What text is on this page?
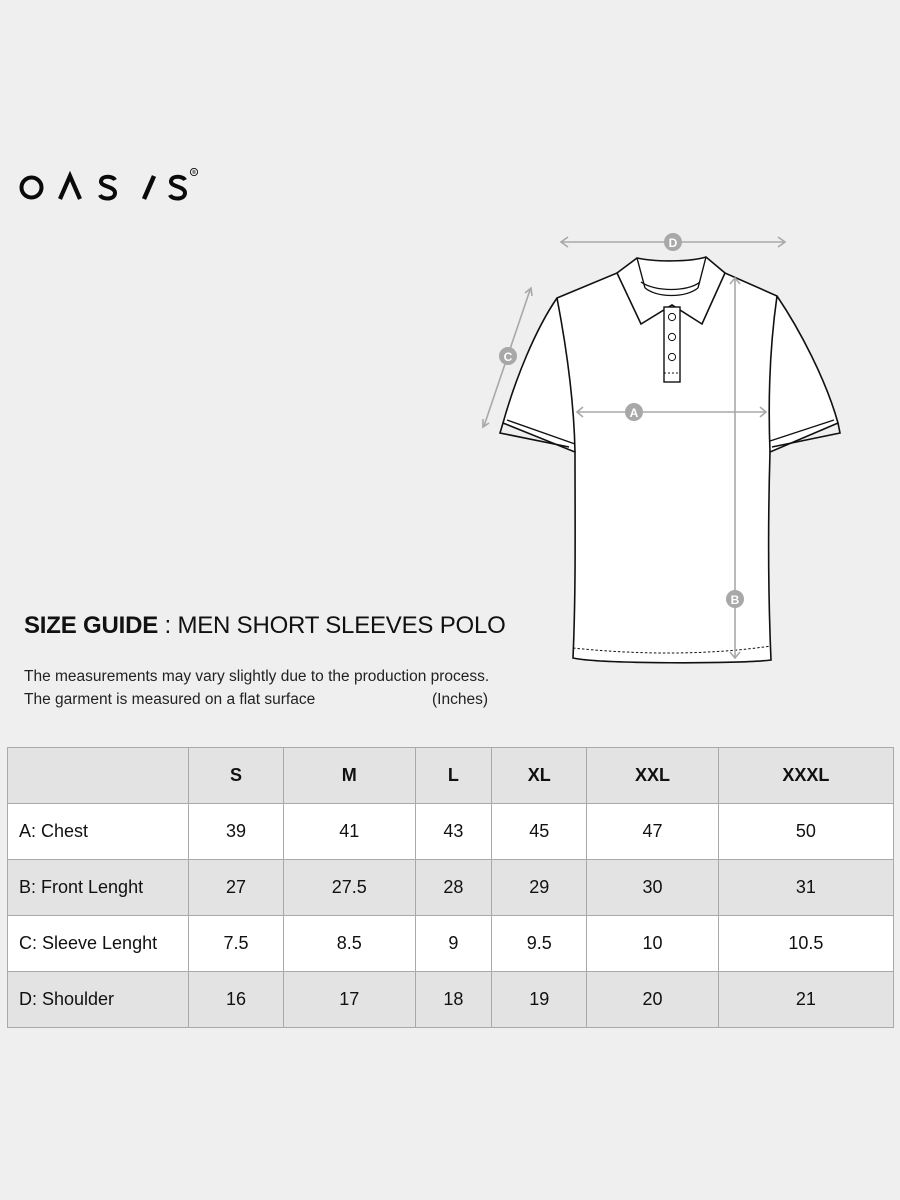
®
D
C
A
B
SIZE GUIDE : MEN SHORT SLEEVES POLO
The measurements may vary slightly due to the production process.
The garment is measured on a flat surface	(Inches)
	S	M	L	XL	XXL	XXXL
A: Chest	39	41	43	45	47	50
B: Front Lenght	27	27.5	28	29	30	31
C: Sleeve Lenght	7.5	8.5	9	9.5	10	10.5
D: Shoulder	16	17	18	19	20	21
